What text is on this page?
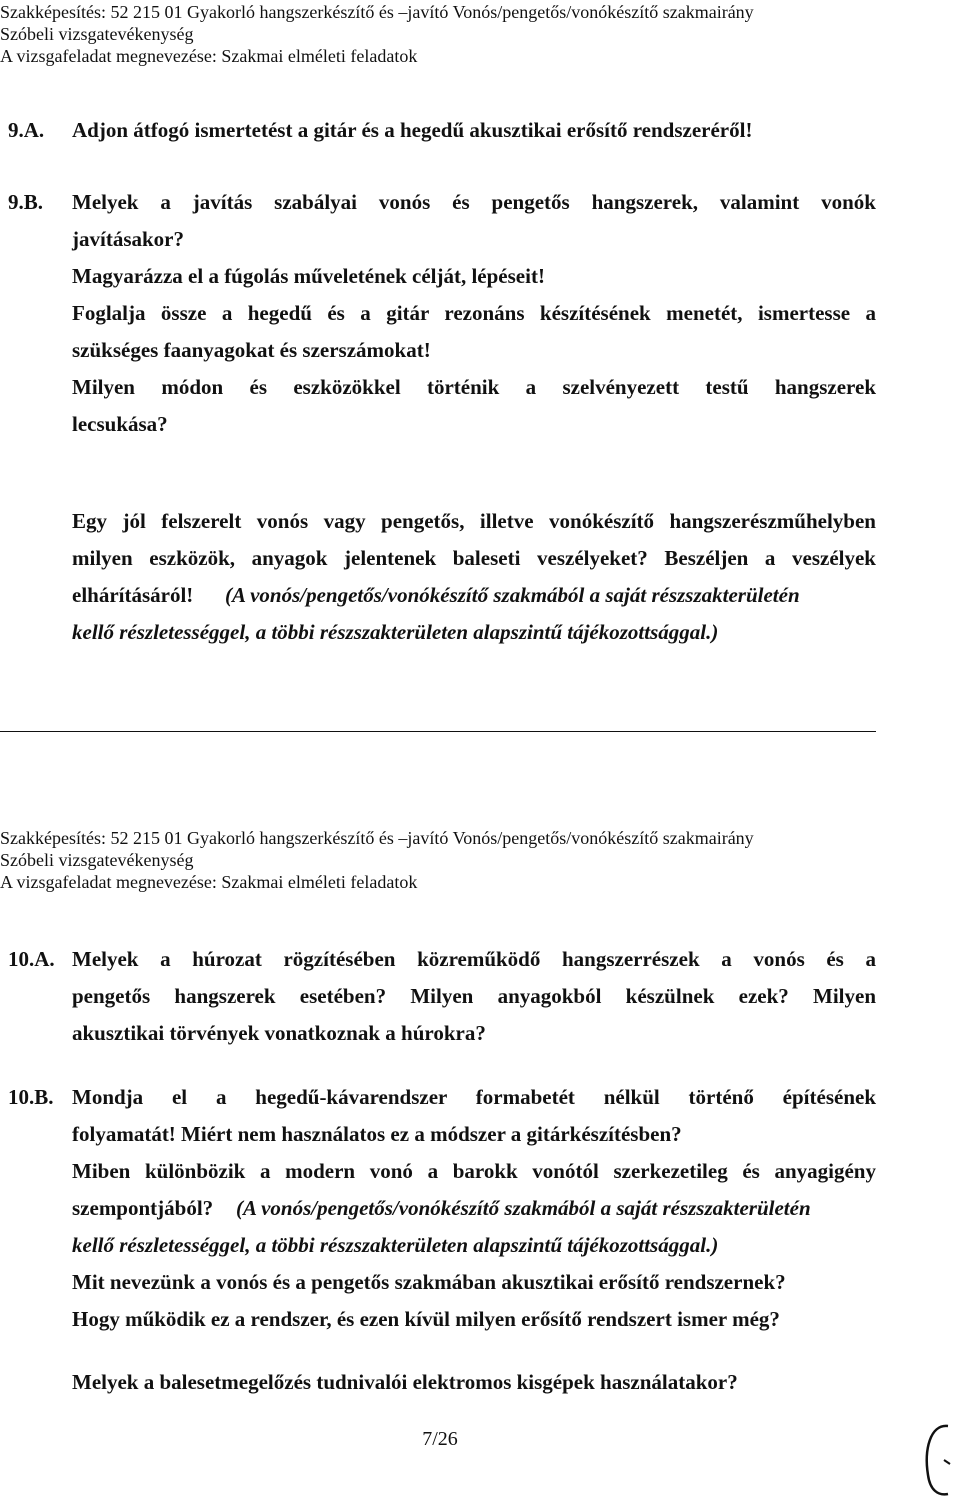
Szakképesítés: 52 215 01 Gyakorló hangszerkészítő és –javító Vonós/pengetős/vonókészítő szakmairány
Szóbeli vizsgatevékenység
A vizsgafeladat megnevezése: Szakmai elméleti feladatok
9.A. Adjon átfogó ismertetést a gitár és a hegedű akusztikai erősítő rendszeréről!
9.B. Melyek a javítás szabályai vonós és pengetős hangszerek, valamint vonók
javításakor?
Magyarázza el a fúgolás műveletének célját, lépéseit!
Foglalja össze a hegedű és a gitár rezonáns készítésének menetét, ismertesse a
szükséges faanyagokat és szerszámokat!
Milyen módon és eszközökkel történik a szelvényezett testű hangszerek
lecsukása?
Egy jól felszerelt vonós vagy pengetős, illetve vonókészítő hangszerészműhelyben
milyen eszközök, anyagok jelentenek baleseti veszélyeket? Beszéljen a veszélyek
elhárításáról! (A vonós/pengetős/vonókészítő szakmából a saját részszakterületén
kellő részletességgel, a többi részszakterületen alapszintű tájékozottsággal.)
Szakképesítés: 52 215 01 Gyakorló hangszerkészítő és –javító Vonós/pengetős/vonókészítő szakmairány
Szóbeli vizsgatevékenység
A vizsgafeladat megnevezése: Szakmai elméleti feladatok
10.A. Melyek a húrozat rögzítésében közreműködő hangszerrészek a vonós és a
pengetős hangszerek esetében? Milyen anyagokból készülnek ezek? Milyen
akusztikai törvények vonatkoznak a húrokra?
10.B. Mondja el a hegedű-kávarendszer formabetét nélkül történő építésének
folyamatát! Miért nem használatos ez a módszer a gitárkészítésben?
Miben különbözik a modern vonó a barokk vonótól szerkezetileg és anyagigény
szempontjából? (A vonós/pengetős/vonókészítő szakmából a saját részszakterületén
kellő részletességgel, a többi részszakterületen alapszintű tájékozottsággal.)
Mit nevezünk a vonós és a pengetős szakmában akusztikai erősítő rendszernek?
Hogy működik ez a rendszer, és ezen kívül milyen erősítő rendszert ismer még?
Melyek a balesetmegelőzés tudnivalói elektromos kisgépek használatakor?
7/26
